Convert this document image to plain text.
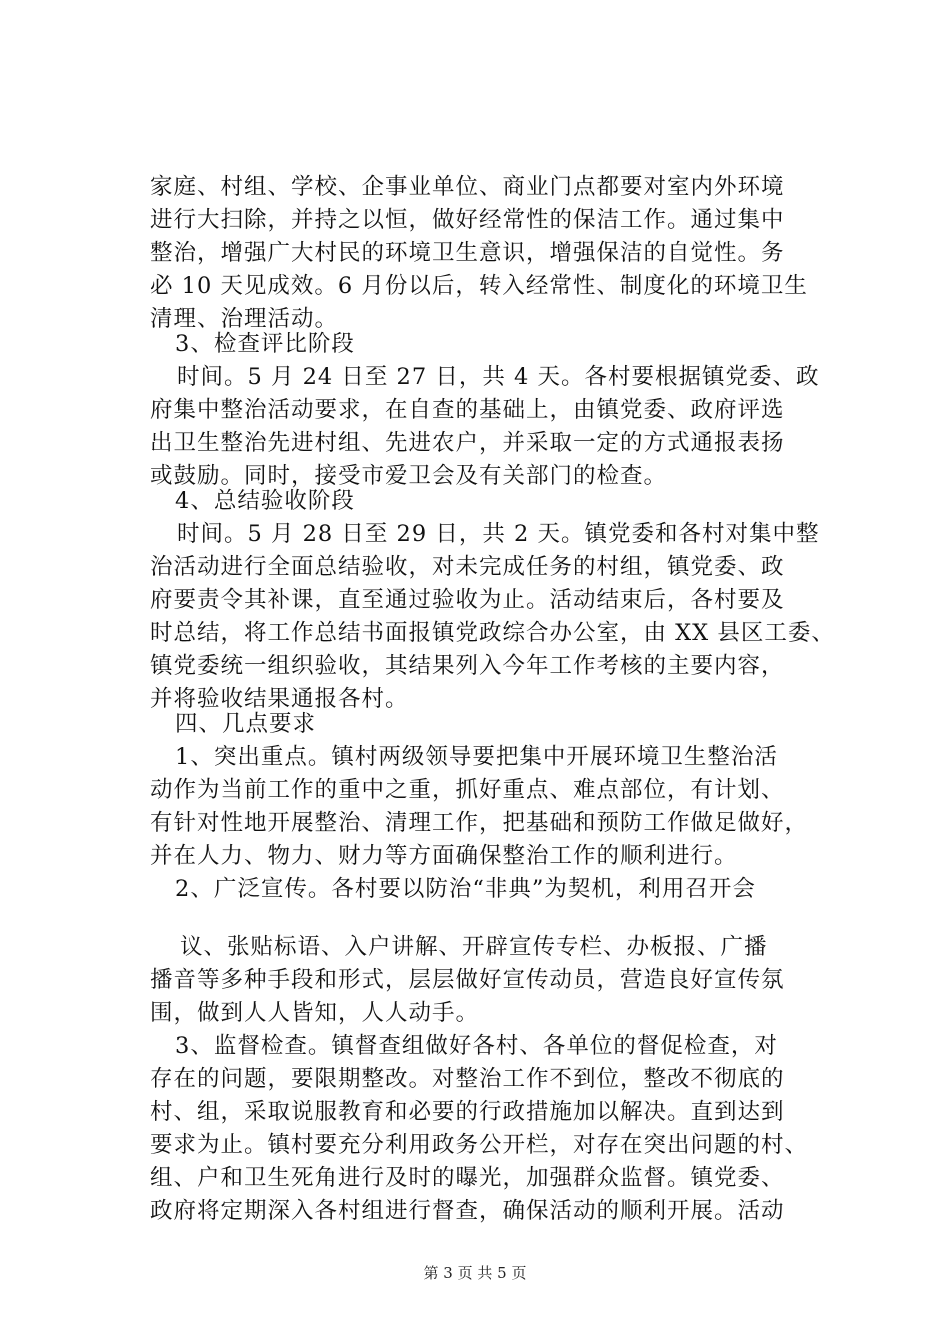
家庭、村组、学校、企事业单位、商业门点都要对室内外环境
进行大扫除，并持之以恒，做好经常性的保洁工作。通过集中
整治，增强广大村民的环境卫生意识，增强保洁的自觉性。务
必 10 天见成效。6 月份以后，转入经常性、制度化的环境卫生
清理、治理活动。
3、检查评比阶段
时间。5 月 24 日至 27 日，共 4 天。各村要根据镇党委、政
府集中整治活动要求，在自查的基础上，由镇党委、政府评选
出卫生整治先进村组、先进农户，并采取一定的方式通报表扬
或鼓励。同时，接受市爱卫会及有关部门的检查。
4、总结验收阶段
时间。5 月 28 日至 29 日，共 2 天。镇党委和各村对集中整
治活动进行全面总结验收，对未完成任务的村组，镇党委、政
府要责令其补课，直至通过验收为止。活动结束后，各村要及
时总结，将工作总结书面报镇党政综合办公室，由 XX 县区工委、
镇党委统一组织验收，其结果列入今年工作考核的主要内容，
并将验收结果通报各村。
四、几点要求
1、突出重点。镇村两级领导要把集中开展环境卫生整治活
动作为当前工作的重中之重，抓好重点、难点部位，有计划、
有针对性地开展整治、清理工作，把基础和预防工作做足做好，
并在人力、物力、财力等方面确保整治工作的顺利进行。
2、广泛宣传。各村要以防治“非典”为契机，利用召开会
议、张贴标语、入户讲解、开辟宣传专栏、办板报、广播
播音等多种手段和形式，层层做好宣传动员，营造良好宣传氛
围，做到人人皆知，人人动手。
3、监督检查。镇督查组做好各村、各单位的督促检查，对
存在的问题，要限期整改。对整治工作不到位，整改不彻底的
村、组，采取说服教育和必要的行政措施加以解决。直到达到
要求为止。镇村要充分利用政务公开栏，对存在突出问题的村、
组、户和卫生死角进行及时的曝光，加强群众监督。镇党委、
政府将定期深入各村组进行督查，确保活动的顺利开展。活动
第 3 页 共 5 页
